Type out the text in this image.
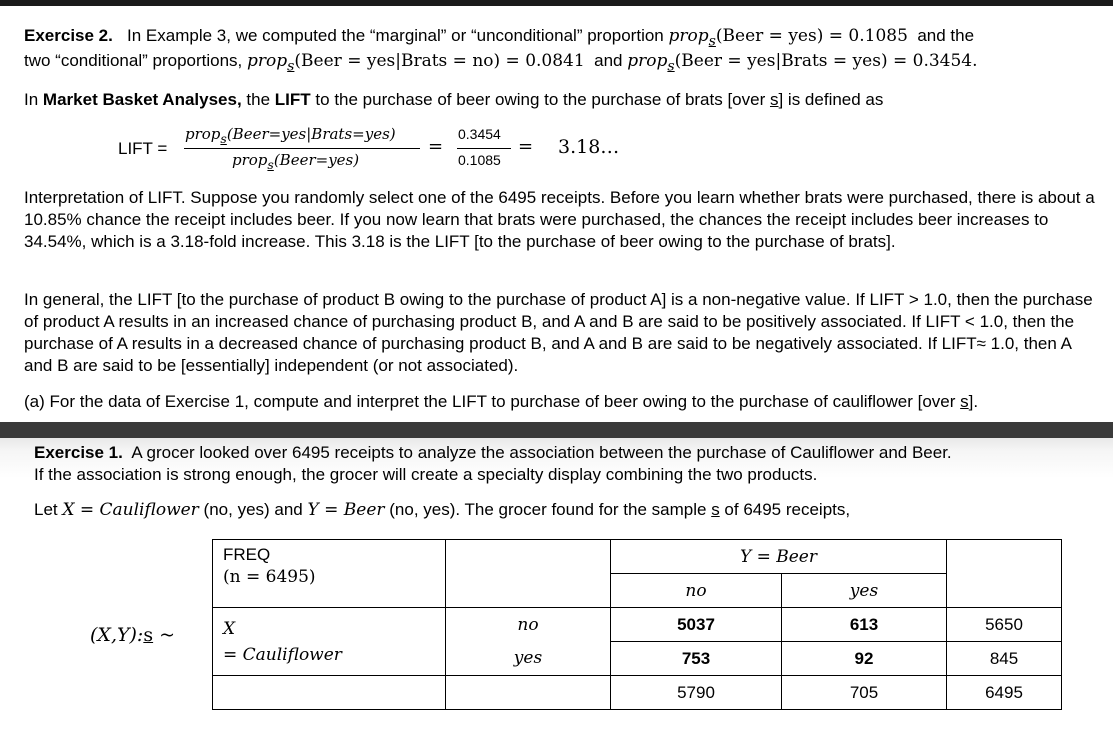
Exercise 2. In Example 3, we computed the “marginal” or “unconditional” proportion prop$_s$(Beer = yes) = 0.1085 and the
two “conditional” proportions, prop$_s$(Beer = yes|Brats = no) = 0.0841 and prop$_s$(Beer = yes|Brats = yes) = 0.3454.
In Market Basket Analyses, the LIFT to the purchase of beer owing to the purchase of brats [over s] is defined as
LIFT =
prop$_s$(Beer=yes|Brats=yes)
prop$_s$(Beer=yes)
=
0.3454
0.1085
= 3.18…
Interpretation of LIFT. Suppose you randomly select one of the 6495 receipts. Before you learn whether brats were purchased, there is about a 10.85% chance the receipt includes beer. If you now learn that brats were purchased, the chances the receipt includes beer increases to 34.54%, which is a 3.18-fold increase. This 3.18 is the LIFT [to the purchase of beer owing to the purchase of brats].
In general, the LIFT [to the purchase of product B owing to the purchase of product A] is a non-negative value. If LIFT > 1.0, then the purchase of product A results in an increased chance of purchasing product B, and A and B are said to be positively associated. If LIFT < 1.0, then the purchase of A results in a decreased chance of purchasing product B, and A and B are said to be negatively associated. If LIFT≈ 1.0, then A and B are said to be [essentially] independent (or not associated).
(a) For the data of Exercise 1, compute and interpret the LIFT to purchase of beer owing to the purchase of cauliflower [over s].
Exercise 1. A grocer looked over 6495 receipts to analyze the association between the purchase of Cauliflower and Beer.
If the association is strong enough, the grocer will create a specialty display combining the two products.
Let X = Cauliflower (no, yes) and Y = Beer (no, yes). The grocer found for the sample s of 6495 receipts,
(X,Y):s ~
FREQ
(n = 6495)		Y = Beer		
		no	yes	

X
= Cauliflower	no	5037	613	5650
	yes	753	92	845
		5790	705	6495
